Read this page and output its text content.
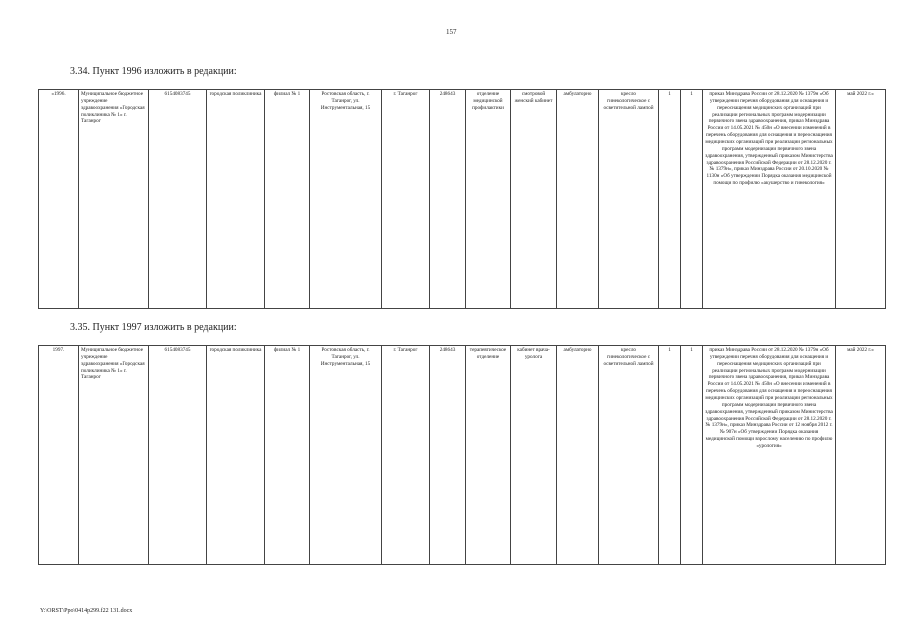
157
3.34. Пункт 1996 изложить в редакции:
«1996.	Муниципальное бюджетное учреждение здравоохранения «Городская поликлиника № 1» г. Таганрог	6154083745	городская поликлиника	филиал № 1	Ростовская область, г. Таганрог, ул. Инструментальная, 15	г. Таганрог	248643	отделение медицинской профилактики	смотровой женский кабинет	амбулаторно	кресло гинекологическое с осветительной лампой	1	1	приказ Минздрава России от 28.12.2020 № 1379н «Об утверждении перечня оборудования для оснащения и переоснащения медицинских организаций при реализации региональных программ модернизации первичного звена здравоохранения, приказ Минздрава России от 14.05.2021 № 450н «О внесении изменений в перечень оборудования для оснащения и переоснащения медицинских организаций при реализации региональных программ модернизации первичного звена здравоохранения, утвержденный приказом Министерства здравоохранения Российской Федерации от 28.12.2020 г. № 1379н», приказ Минздрава России от 20.10.2020 № 1130н «Об утверждении Порядка оказания медицинской помощи по профилю «акушерство и гинекология»	май 2022 г.»
3.35. Пункт 1997 изложить в редакции:
1997.	Муниципальное бюджетное учреждение здравоохранения «Городская поликлиника № 1» г. Таганрог	6154083745	городская поликлиника	филиал № 1	Ростовская область, г. Таганрог, ул. Инструментальная, 15	г. Таганрог	248643	терапевтическое отделение	кабинет врача-уролога	амбулаторно	кресло гинекологическое с осветительной лампой	1	1	приказ Минздрава России от 28.12.2020 № 1379н «Об утверждении перечня оборудования для оснащения и переоснащения медицинских организаций при реализации региональных программ модернизации первичного звена здравоохранения, приказ Минздрава России от 14.05.2021 № 450н «О внесении изменений в перечень оборудования для оснащения и переоснащения медицинских организаций при реализации региональных программ модернизации первичного звена здравоохранения, утвержденный приказом Министерства здравоохранения Российской Федерации от 28.12.2020 г. № 1379н», приказ Минздрава России от 12 ноября 2012 г. № 907н «Об утверждении Порядка оказания медицинской помощи взрослому населению по профилю «урология»	май 2022 г.»
Y:\ORST\Ppo\0414p299.f22 131.docx
